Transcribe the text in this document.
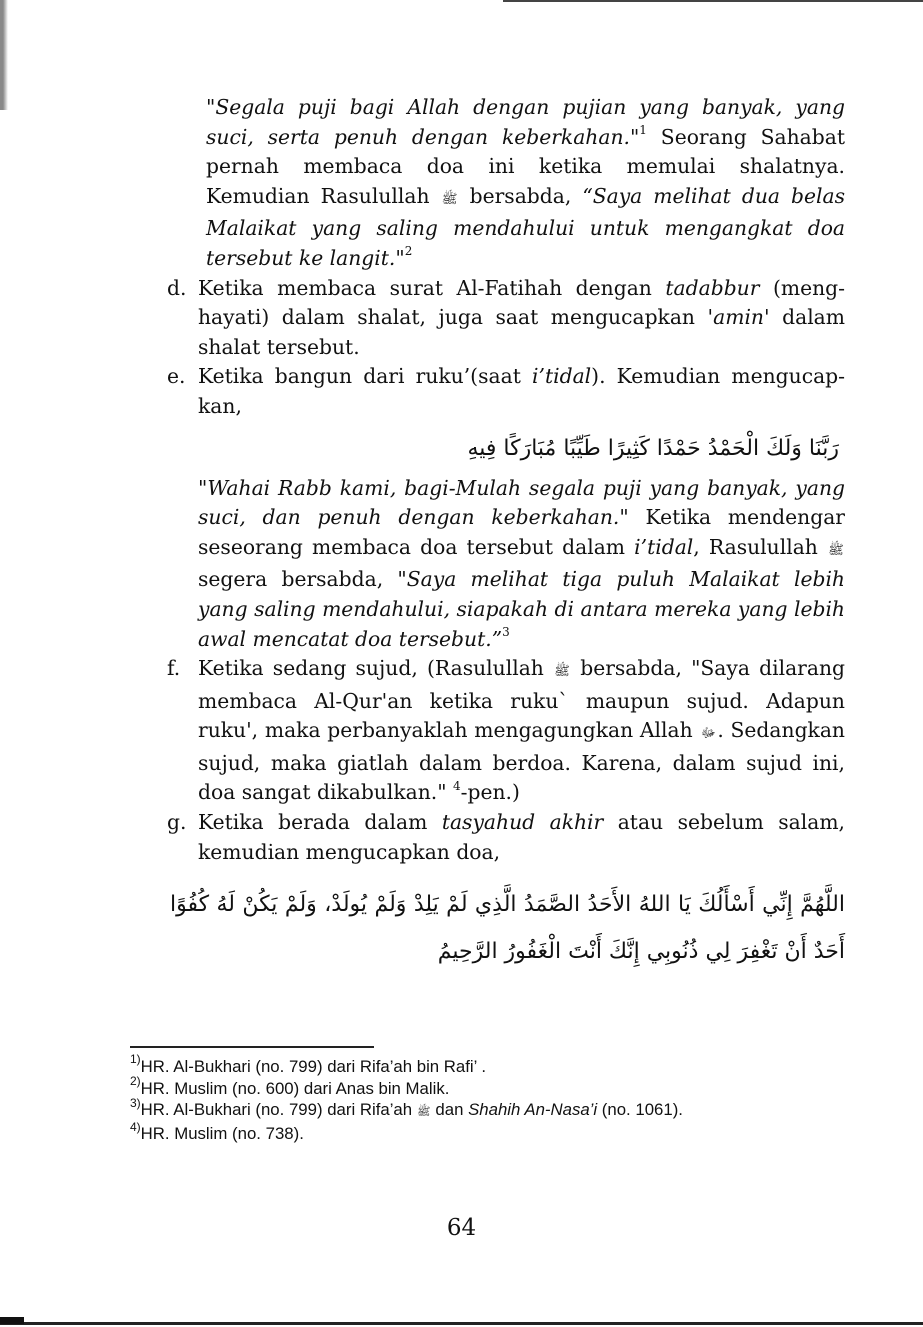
"Segala puji bagi Allah dengan pujian yang banyak, yang suci, serta penuh dengan keberkahan."$^1$ Seorang Sahabat pernah membaca doa ini ketika memulai shalatnya. Kemudian Rasulullah ﷺ bersabda, “Saya melihat dua belas Malaikat yang saling mendahului untuk mengangkat doa tersebut ke langit."$^2$

d. Ketika membaca surat Al-Fatihah dengan tadabbur (meng-hayati) dalam shalat, juga saat mengucapkan 'amin' dalam shalat tersebut.

e. Ketika bangun dari ruku’(saat i’tidal). Kemudian mengucap-kan,

رَبَّنَا وَلَكَ الْحَمْدُ حَمْدًا كَثِيرًا طَيِّبًا مُبَارَكًا فِيهِ

"Wahai Rabb kami, bagi-Mulah segala puji yang banyak, yang suci, dan penuh dengan keberkahan." Ketika mendengar seseorang membaca doa tersebut dalam i’tidal, Rasulullah ﷺ segera bersabda, "Saya melihat tiga puluh Malaikat lebih yang saling mendahului, siapakah di antara mereka yang lebih awal mencatat doa tersebut.”$^3$

f. Ketika sedang sujud, (Rasulullah ﷺ bersabda, "Saya dilarang membaca Al-Qur'an ketika ruku` maupun sujud. Adapun ruku', maka perbanyaklah mengagungkan Allah ﷻ. Sedangkan sujud, maka giatlah dalam berdoa. Karena, dalam sujud ini, doa sangat dikabulkan." $^4$-pen.)

g. Ketika berada dalam tasyahud akhir atau sebelum salam, kemudian mengucapkan doa,

اللَّهُمَّ إِنِّي أَسْأَلُكَ يَا اللهُ الأَحَدُ الصَّمَدُ الَّذِي لَمْ يَلِدْ وَلَمْ يُولَدْ، وَلَمْ يَكُنْ لَهُ كُفُوًا
أَحَدٌ أَنْ تَغْفِرَ لِي ذُنُوبِي إِنَّكَ أَنْتَ الْغَفُورُ الرَّحِيمُ
$^{1)}$HR. Al-Bukhari (no. 799) dari Rifa’ah bin Rafi’ .
$^{2)}$HR. Muslim (no. 600) dari Anas bin Malik.
$^{3)}$HR. Al-Bukhari (no. 799) dari Rifa’ah ﷺ dan Shahih An-Nasa’i (no. 1061).
$^{4)}$HR. Muslim (no. 738).
64
